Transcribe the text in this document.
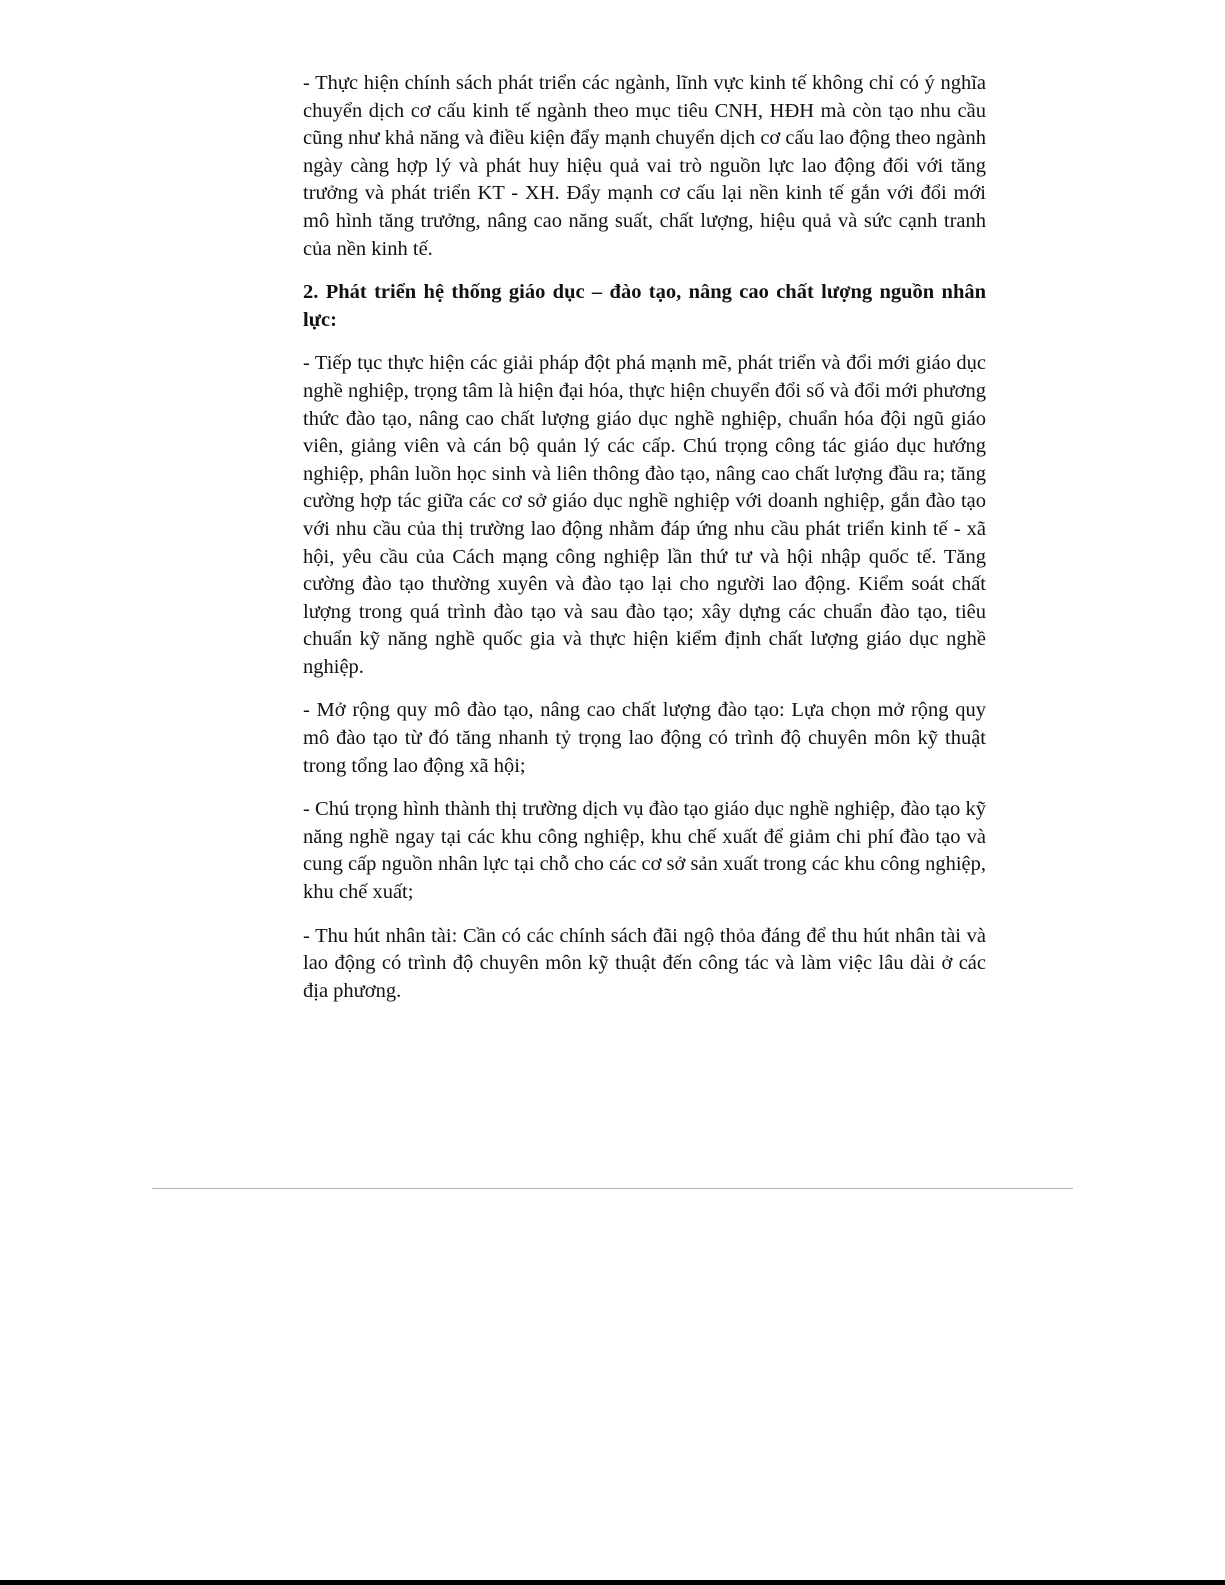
- Thực hiện chính sách phát triển các ngành, lĩnh vực kinh tế không chỉ có ý nghĩa chuyển dịch cơ cấu kinh tế ngành theo mục tiêu CNH, HĐH mà còn tạo nhu cầu cũng như khả năng và điều kiện đẩy mạnh chuyển dịch cơ cấu lao động theo ngành ngày càng hợp lý và phát huy hiệu quả vai trò nguồn lực lao động đối với tăng trưởng và phát triển KT - XH. Đẩy mạnh cơ cấu lại nền kinh tế gắn với đổi mới mô hình tăng trưởng, nâng cao năng suất, chất lượng, hiệu quả và sức cạnh tranh của nền kinh tế.

2. Phát triển hệ thống giáo dục – đào tạo, nâng cao chất lượng nguồn nhân lực:

- Tiếp tục thực hiện các giải pháp đột phá mạnh mẽ, phát triển và đổi mới giáo dục nghề nghiệp, trọng tâm là hiện đại hóa, thực hiện chuyển đổi số và đổi mới phương thức đào tạo, nâng cao chất lượng giáo dục nghề nghiệp, chuẩn hóa đội ngũ giáo viên, giảng viên và cán bộ quản lý các cấp. Chú trọng công tác giáo dục hướng nghiệp, phân luồn học sinh và liên thông đào tạo, nâng cao chất lượng đầu ra; tăng cường hợp tác giữa các cơ sở giáo dục nghề nghiệp với doanh nghiệp, gắn đào tạo với nhu cầu của thị trường lao động nhằm đáp ứng nhu cầu phát triển kinh tế - xã hội, yêu cầu của Cách mạng công nghiệp lần thứ tư và hội nhập quốc tế. Tăng cường đào tạo thường xuyên và đào tạo lại cho người lao động. Kiểm soát chất lượng trong quá trình đào tạo và sau đào tạo; xây dựng các chuẩn đào tạo, tiêu chuẩn kỹ năng nghề quốc gia và thực hiện kiểm định chất lượng giáo dục nghề nghiệp.

- Mở rộng quy mô đào tạo, nâng cao chất lượng đào tạo: Lựa chọn mở rộng quy mô đào tạo từ đó tăng nhanh tỷ trọng lao động có trình độ chuyên môn kỹ thuật trong tổng lao động xã hội;

- Chú trọng hình thành thị trường dịch vụ đào tạo giáo dục nghề nghiệp, đào tạo kỹ năng nghề ngay tại các khu công nghiệp, khu chế xuất để giảm chi phí đào tạo và cung cấp nguồn nhân lực tại chỗ cho các cơ sở sản xuất trong các khu công nghiệp, khu chế xuất;

- Thu hút nhân tài: Cần có các chính sách đãi ngộ thỏa đáng để thu hút nhân tài và lao động có trình độ chuyên môn kỹ thuật đến công tác và làm việc lâu dài ở các địa phương.
